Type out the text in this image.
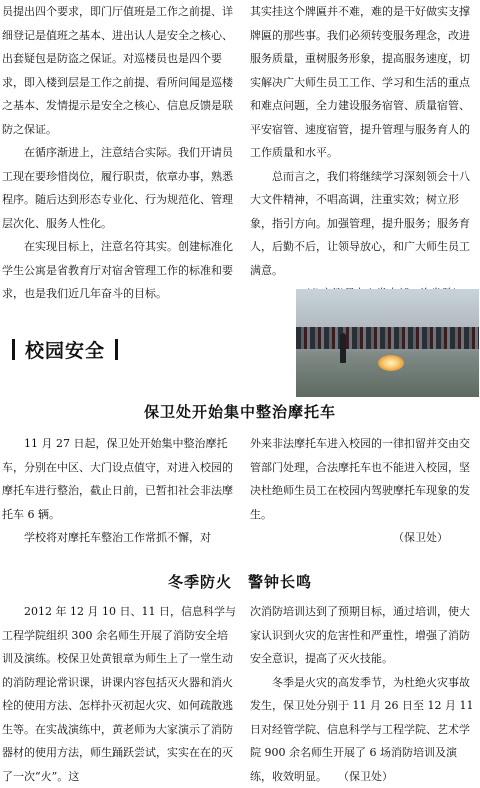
员提出四个要求，即门厅值班是工作之前提、详细登记是值班之基本、进出认人是安全之核心、出套疑包是防盗之保证。对巡楼员也是四个要求，即入楼到层是工作之前提、看所问闻是巡楼之基本、发情提示是安全之核心、信息反馈是联防之保证。

在循序渐进上，注意结合实际。我们开请员工现在要珍惜岗位，履行职责，依章办事，熟悉程序。随后达到形态专业化、行为规范化、管理层次化、服务人性化。

在实现目标上，注意名符其实。创建标准化学生公寓是省教育厅对宿舍管理工作的标准和要求，也是我们近几年奋斗的目标。

其实挂这个牌匾并不难，难的是干好做实支撑牌匾的那些事。我们必须转变服务理念，改进服务质量，重树服务形象，提高服务速度，切实解决广大师生员工工作、学习和生活的重点和难点问题，全力建设服务宿管、质量宿管、平安宿管、速度宿管，提升管理与服务育人的工作质量和水平。

总而言之，我们将继续学习深刻领会十八大文件精神，不唱高调，注重实效；树立形象，指引方向。加强管理，提升服务；服务育人，后勤不后，让领导放心，和广大师生员工满意。

校园安全
保卫处开始集中整治摩托车

11 月 27 日起，保卫处开始集中整治摩托车，分别在中区、大门设点值守，对进入校园的摩托车进行整治，截止日前，已暂扣社会非法摩托车 6 辆。

学校将对摩托车整治工作常抓不懈，对

外来非法摩托车进入校园的一律扣留并交由交管部门处理，合法摩托车也不能进入校园，坚决杜绝师生员工在校园内驾驶摩托车现象的发生。

（保卫处）

冬季防火　警钟长鸣

2012 年 12 月 10 日、11 日，信息科学与工程学院组织 300 余名师生开展了消防安全培训及演练。校保卫处黄银章为师生上了一堂生动的消防理论常识课，讲课内容包括灭火器和消火栓的使用方法、怎样扑灭初起火灾、如何疏散逃生等。在实战演练中，黄老师为大家演示了消防器材的使用方法，师生踊跃尝试，实实在在的灭了一次“火”。这

次消防培训达到了预期目标，通过培训，使大家认识到火灾的危害性和严重性，增强了消防安全意识，提高了灭火技能。

冬季是火灾的高发季节，为杜绝火灾事故发生，保卫处分别于 11 月 26 日至 12 月 11 日对经管学院、信息科学与工程学院、艺术学院 900 余名师生开展了 6 场消防培训及演练，收效明显。　　（保卫处）
